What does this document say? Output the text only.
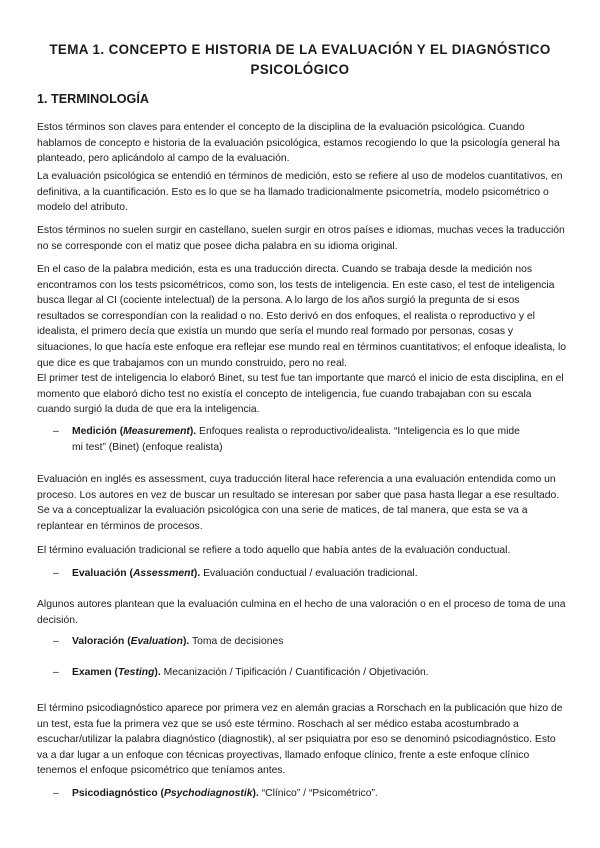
TEMA 1. CONCEPTO E HISTORIA DE LA EVALUACIÓN Y EL DIAGNÓSTICO PSICOLÓGICO
1. TERMINOLOGÍA

Estos términos son claves para entender el concepto de la disciplina de la evaluación psicológica. Cuando hablamos de concepto e historia de la evaluación psicológica, estamos recogiendo lo que la psicología general ha planteado, pero aplicándolo al campo de la evaluación.

La evaluación psicológica se entendió en términos de medición, esto se refiere al uso de modelos cuantitativos, en definitiva, a la cuantificación. Esto es lo que se ha llamado tradicionalmente psicometría, modelo psicométrico o modelo del atributo.

Estos términos no suelen surgir en castellano, suelen surgir en otros países e idiomas, muchas veces la traducción no se corresponde con el matiz que posee dicha palabra en su idioma original.

En el caso de la palabra medición, esta es una traducción directa. Cuando se trabaja desde la medición nos encontramos con los tests psicométricos, como son, los tests de inteligencia. En este caso, el test de inteligencia busca llegar al CI (cociente intelectual) de la persona. A lo largo de los años surgió la pregunta de si esos resultados se correspondían con la realidad o no. Esto derivó en dos enfoques, el realista o reproductivo y el idealista, el primero decía que existía un mundo que sería el mundo real formado por personas, cosas y situaciones, lo que hacía este enfoque era reflejar ese mundo real en términos cuantitativos; el enfoque idealista, lo que dice es que trabajamos con un mundo construido, pero no real.

El primer test de inteligencia lo elaboró Binet, su test fue tan importante que marcó el inicio de esta disciplina, en el momento que elaboró dicho test no existía el concepto de inteligencia, fue cuando trabajaban con su escala cuando surgió la duda de que era la inteligencia.

– Medición (Measurement). Enfoques realista o reproductivo/idealista. “Inteligencia es lo que mide mi test” (Binet) (enfoque realista)

Evaluación en inglés es assessment, cuya traducción literal hace referencia a una evaluación entendida como un proceso. Los autores en vez de buscar un resultado se interesan por saber que pasa hasta llegar a ese resultado. Se va a conceptualizar la evaluación psicológica con una serie de matices, de tal manera, que esta se va a replantear en términos de procesos.

El término evaluación tradicional se refiere a todo aquello que había antes de la evaluación conductual.

– Evaluación (Assessment). Evaluación conductual / evaluación tradicional.

Algunos autores plantean que la evaluación culmina en el hecho de una valoración o en el proceso de toma de una decisión.

– Valoración (Evaluation). Toma de decisiones
– Examen (Testing). Mecanización / Tipificación / Cuantificación / Objetivación.

El término psicodiagnóstico aparece por primera vez en alemán gracias a Rorschach en la publicación que hizo de un test, esta fue la primera vez que se usó este término. Roschach al ser médico estaba acostumbrado a escuchar/utilizar la palabra diagnóstico (diagnostik), al ser psiquiatra por eso se denominó psicodiagnóstico. Esto va a dar lugar a un enfoque con técnicas proyectivas, llamado enfoque clínico, frente a este enfoque clínico tenemos el enfoque psicométrico que teníamos antes.

– Psicodiagnóstico (Psychodiagnostik). “Clínico” / “Psicométrico”.
